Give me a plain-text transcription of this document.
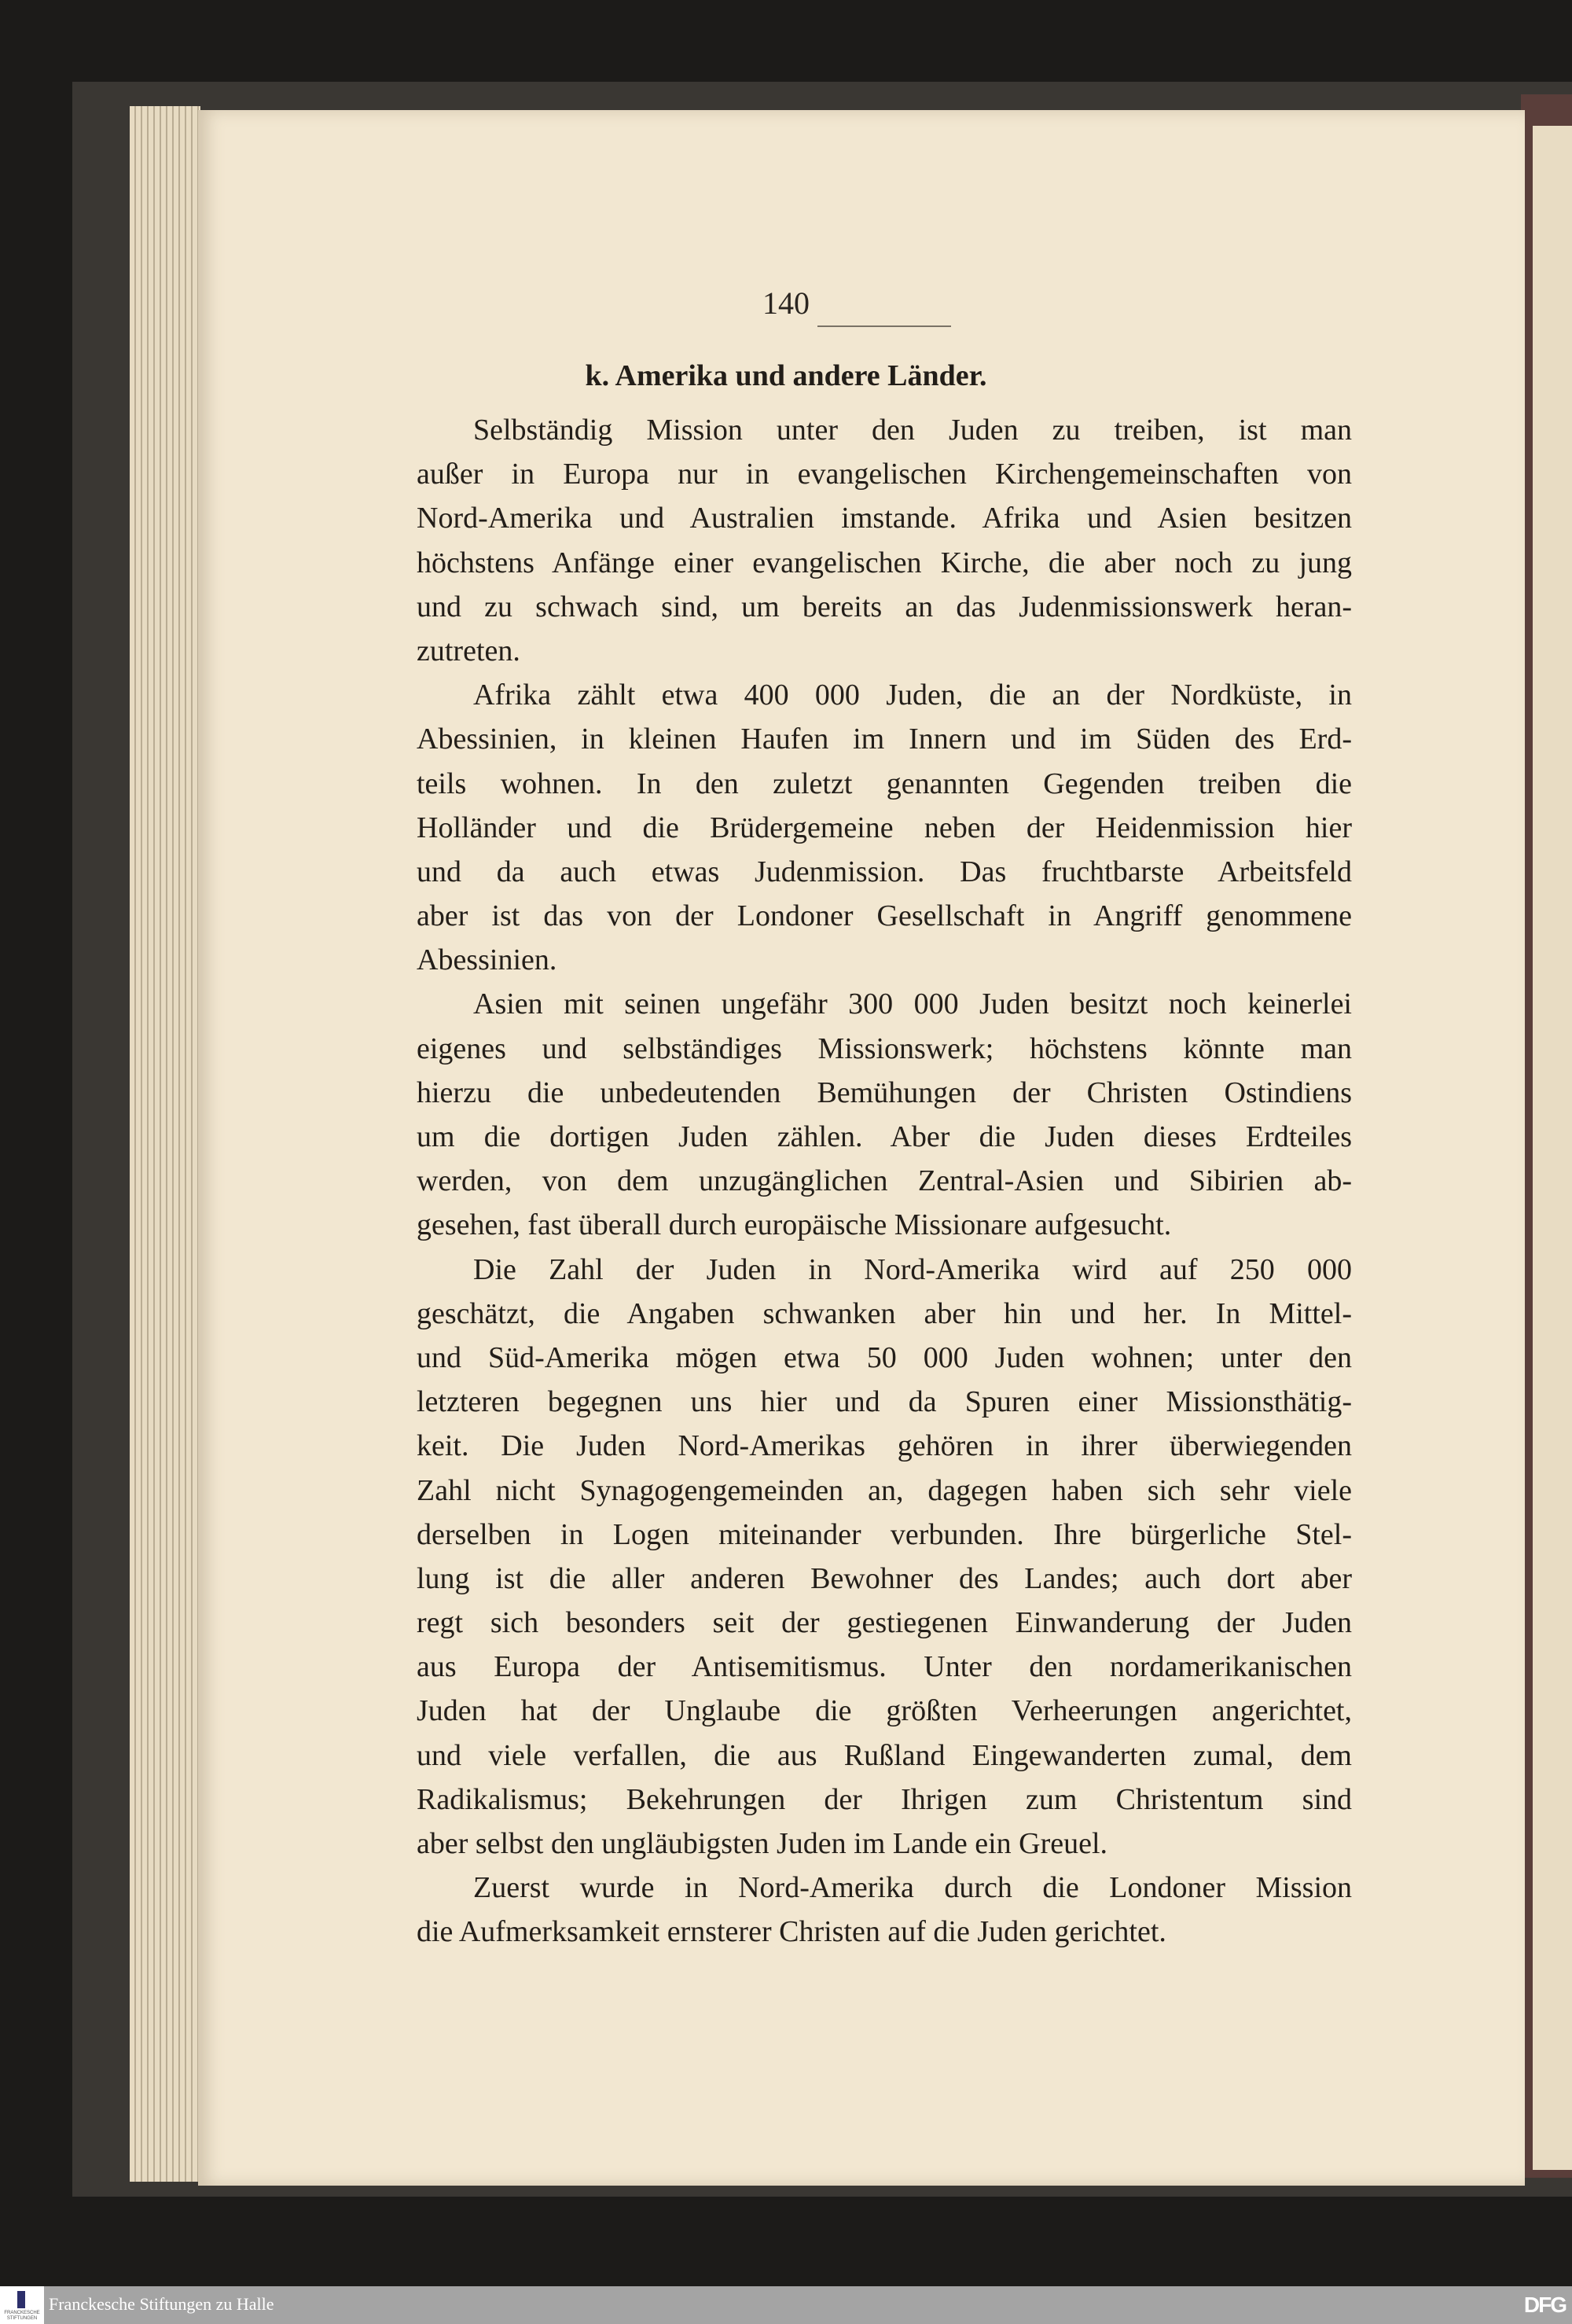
140
k. Amerika und andere Länder.
Selbständig Mission unter den Juden zu treiben, ist man
außer in Europa nur in evangelischen Kirchengemeinschaften von
Nord-Amerika und Australien imstande. Afrika und Asien besitzen
höchstens Anfänge einer evangelischen Kirche, die aber noch zu jung
und zu schwach sind, um bereits an das Judenmissionswerk heran-
zutreten.
Afrika zählt etwa 400 000 Juden, die an der Nordküste, in
Abessinien, in kleinen Haufen im Innern und im Süden des Erd-
teils wohnen. In den zuletzt genannten Gegenden treiben die
Holländer und die Brüdergemeine neben der Heidenmission hier
und da auch etwas Judenmission. Das fruchtbarste Arbeitsfeld
aber ist das von der Londoner Gesellschaft in Angriff genommene
Abessinien.
Asien mit seinen ungefähr 300 000 Juden besitzt noch keinerlei
eigenes und selbständiges Missionswerk; höchstens könnte man
hierzu die unbedeutenden Bemühungen der Christen Ostindiens
um die dortigen Juden zählen. Aber die Juden dieses Erdteiles
werden, von dem unzugänglichen Zentral-Asien und Sibirien ab-
gesehen, fast überall durch europäische Missionare aufgesucht.
Die Zahl der Juden in Nord-Amerika wird auf 250 000
geschätzt, die Angaben schwanken aber hin und her. In Mittel-
und Süd-Amerika mögen etwa 50 000 Juden wohnen; unter den
letzteren begegnen uns hier und da Spuren einer Missionsthätig-
keit. Die Juden Nord-Amerikas gehören in ihrer überwiegenden
Zahl nicht Synagogengemeinden an, dagegen haben sich sehr viele
derselben in Logen miteinander verbunden. Ihre bürgerliche Stel-
lung ist die aller anderen Bewohner des Landes; auch dort aber
regt sich besonders seit der gestiegenen Einwanderung der Juden
aus Europa der Antisemitismus. Unter den nordamerikanischen
Juden hat der Unglaube die größten Verheerungen angerichtet,
und viele verfallen, die aus Rußland Eingewanderten zumal, dem
Radikalismus; Bekehrungen der Ihrigen zum Christentum sind
aber selbst den ungläubigsten Juden im Lande ein Greuel.
Zuerst wurde in Nord-Amerika durch die Londoner Mission
die Aufmerksamkeit ernsterer Christen auf die Juden gerichtet.
FRANCKESCHE STIFTUNGEN
Franckesche Stiftungen zu Halle	DFG
